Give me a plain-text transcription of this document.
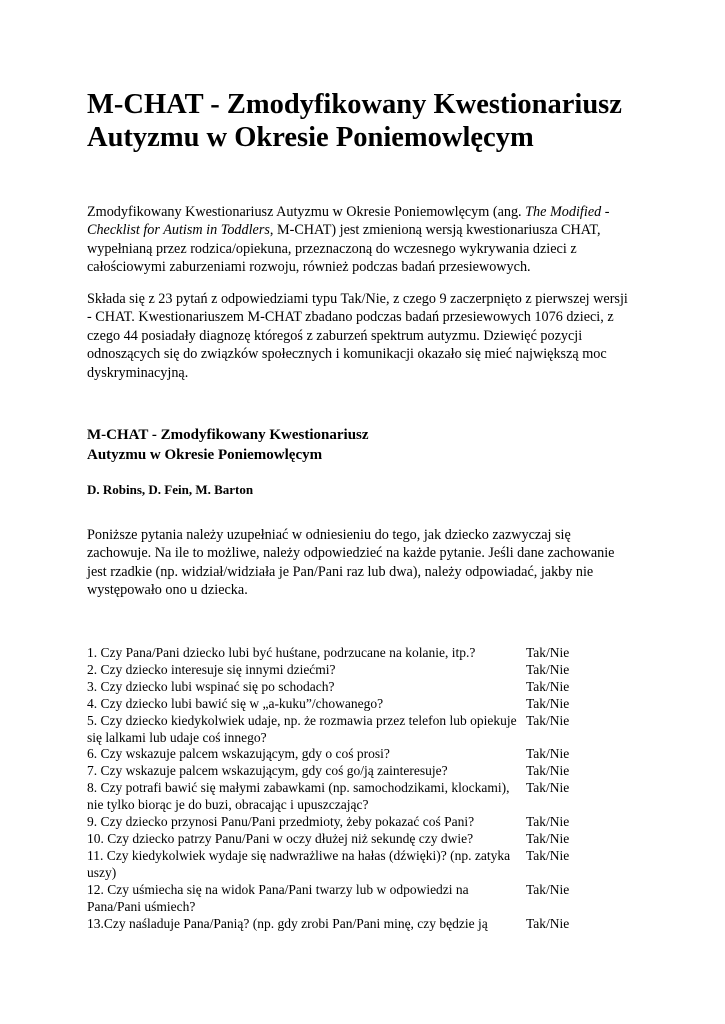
M-CHAT - Zmodyfikowany Kwestionariusz
Autyzmu w Okresie Poniemowlęcym

Zmodyfikowany Kwestionariusz Autyzmu w Okresie Poniemowlęcym (ang. The Modified - Checklist for Autism in Toddlers, M-CHAT) jest zmienioną wersją kwestionariusza CHAT, wypełnianą przez rodzica/opiekuna, przeznaczoną do wczesnego wykrywania dzieci z całościowymi zaburzeniami rozwoju, również podczas badań przesiewowych.

Składa się z 23 pytań z odpowiedziami typu Tak/Nie, z czego 9 zaczerpnięto z pierwszej wersji - CHAT. Kwestionariuszem M-CHAT zbadano podczas badań przesiewowych 1076 dzieci, z czego 44 posiadały diagnozę któregoś z zaburzeń spektrum autyzmu. Dziewięć pozycji odnoszących się do związków społecznych i komunikacji okazało się mieć największą moc dyskryminacyjną.

M-CHAT - Zmodyfikowany Kwestionariusz
Autyzmu w Okresie Poniemowlęcym

D. Robins, D. Fein, M. Barton

Poniższe pytania należy uzupełniać w odniesieniu do tego, jak dziecko zazwyczaj się zachowuje. Na ile to możliwe, należy odpowiedzieć na każde pytanie. Jeśli dane zachowanie jest rzadkie (np. widział/widziała je Pan/Pani raz lub dwa), należy odpowiadać, jakby nie występowało ono u dziecka.

1. Czy Pana/Pani dziecko lubi być huśtane, podrzucane na kolanie, itp.?	Tak/Nie
2. Czy dziecko interesuje się innymi dziećmi?	Tak/Nie
3. Czy dziecko lubi wspinać się po schodach?	Tak/Nie
4. Czy dziecko lubi bawić się w „a-kuku”/chowanego?	Tak/Nie
5. Czy dziecko kiedykolwiek udaje, np. że rozmawia przez telefon lub opiekuje się lalkami lub udaje coś innego?
Tak/Nie
6. Czy wskazuje palcem wskazującym, gdy o coś prosi?	Tak/Nie
7. Czy wskazuje palcem wskazującym, gdy coś go/ją zainteresuje?	Tak/Nie
8. Czy potrafi bawić się małymi zabawkami (np. samochodzikami, klockami), nie tylko biorąc je do buzi, obracając i upuszczając?
Tak/Nie
9. Czy dziecko przynosi Panu/Pani przedmioty, żeby pokazać coś Pani?	Tak/Nie
10. Czy dziecko patrzy Panu/Pani w oczy dłużej niż sekundę czy dwie?	Tak/Nie
11. Czy kiedykolwiek wydaje się nadwrażliwe na hałas (dźwięki)? (np. zatyka uszy)
Tak/Nie
12. Czy uśmiecha się na widok Pana/Pani twarzy lub w odpowiedzi na Pana/Pani uśmiech?
Tak/Nie
13.Czy naśladuje Pana/Panią? (np. gdy zrobi Pan/Pani minę, czy będzie ją	Tak/Nie
